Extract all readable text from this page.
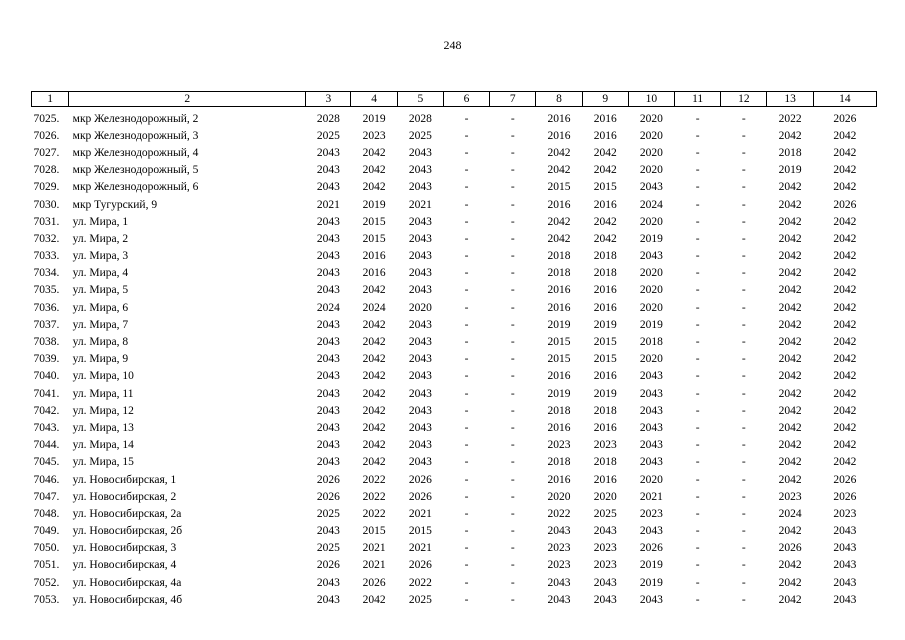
248
1	2	3	4	5	6	7	8	9	10	11	12	13	14
7025.	мкр Железнодорожный, 2	2028	2019	2028	-	-	2016	2016	2020	-	-	2022	2026
7026.	мкр Железнодорожный, 3	2025	2023	2025	-	-	2016	2016	2020	-	-	2042	2042
7027.	мкр Железнодорожный, 4	2043	2042	2043	-	-	2042	2042	2020	-	-	2018	2042
7028.	мкр Железнодорожный, 5	2043	2042	2043	-	-	2042	2042	2020	-	-	2019	2042
7029.	мкр Железнодорожный, 6	2043	2042	2043	-	-	2015	2015	2043	-	-	2042	2042
7030.	мкр Тугурский, 9	2021	2019	2021	-	-	2016	2016	2024	-	-	2042	2026
7031.	ул. Мира, 1	2043	2015	2043	-	-	2042	2042	2020	-	-	2042	2042
7032.	ул. Мира, 2	2043	2015	2043	-	-	2042	2042	2019	-	-	2042	2042
7033.	ул. Мира, 3	2043	2016	2043	-	-	2018	2018	2043	-	-	2042	2042
7034.	ул. Мира, 4	2043	2016	2043	-	-	2018	2018	2020	-	-	2042	2042
7035.	ул. Мира, 5	2043	2042	2043	-	-	2016	2016	2020	-	-	2042	2042
7036.	ул. Мира, 6	2024	2024	2020	-	-	2016	2016	2020	-	-	2042	2042
7037.	ул. Мира, 7	2043	2042	2043	-	-	2019	2019	2019	-	-	2042	2042
7038.	ул. Мира, 8	2043	2042	2043	-	-	2015	2015	2018	-	-	2042	2042
7039.	ул. Мира, 9	2043	2042	2043	-	-	2015	2015	2020	-	-	2042	2042
7040.	ул. Мира, 10	2043	2042	2043	-	-	2016	2016	2043	-	-	2042	2042
7041.	ул. Мира, 11	2043	2042	2043	-	-	2019	2019	2043	-	-	2042	2042
7042.	ул. Мира, 12	2043	2042	2043	-	-	2018	2018	2043	-	-	2042	2042
7043.	ул. Мира, 13	2043	2042	2043	-	-	2016	2016	2043	-	-	2042	2042
7044.	ул. Мира, 14	2043	2042	2043	-	-	2023	2023	2043	-	-	2042	2042
7045.	ул. Мира, 15	2043	2042	2043	-	-	2018	2018	2043	-	-	2042	2042
7046.	ул. Новосибирская, 1	2026	2022	2026	-	-	2016	2016	2020	-	-	2042	2026
7047.	ул. Новосибирская, 2	2026	2022	2026	-	-	2020	2020	2021	-	-	2023	2026
7048.	ул. Новосибирская, 2а	2025	2022	2021	-	-	2022	2025	2023	-	-	2024	2023
7049.	ул. Новосибирская, 2б	2043	2015	2015	-	-	2043	2043	2043	-	-	2042	2043
7050.	ул. Новосибирская, 3	2025	2021	2021	-	-	2023	2023	2026	-	-	2026	2043
7051.	ул. Новосибирская, 4	2026	2021	2026	-	-	2023	2023	2019	-	-	2042	2043
7052.	ул. Новосибирская, 4а	2043	2026	2022	-	-	2043	2043	2019	-	-	2042	2043
7053.	ул. Новосибирская, 4б	2043	2042	2025	-	-	2043	2043	2043	-	-	2042	2043
